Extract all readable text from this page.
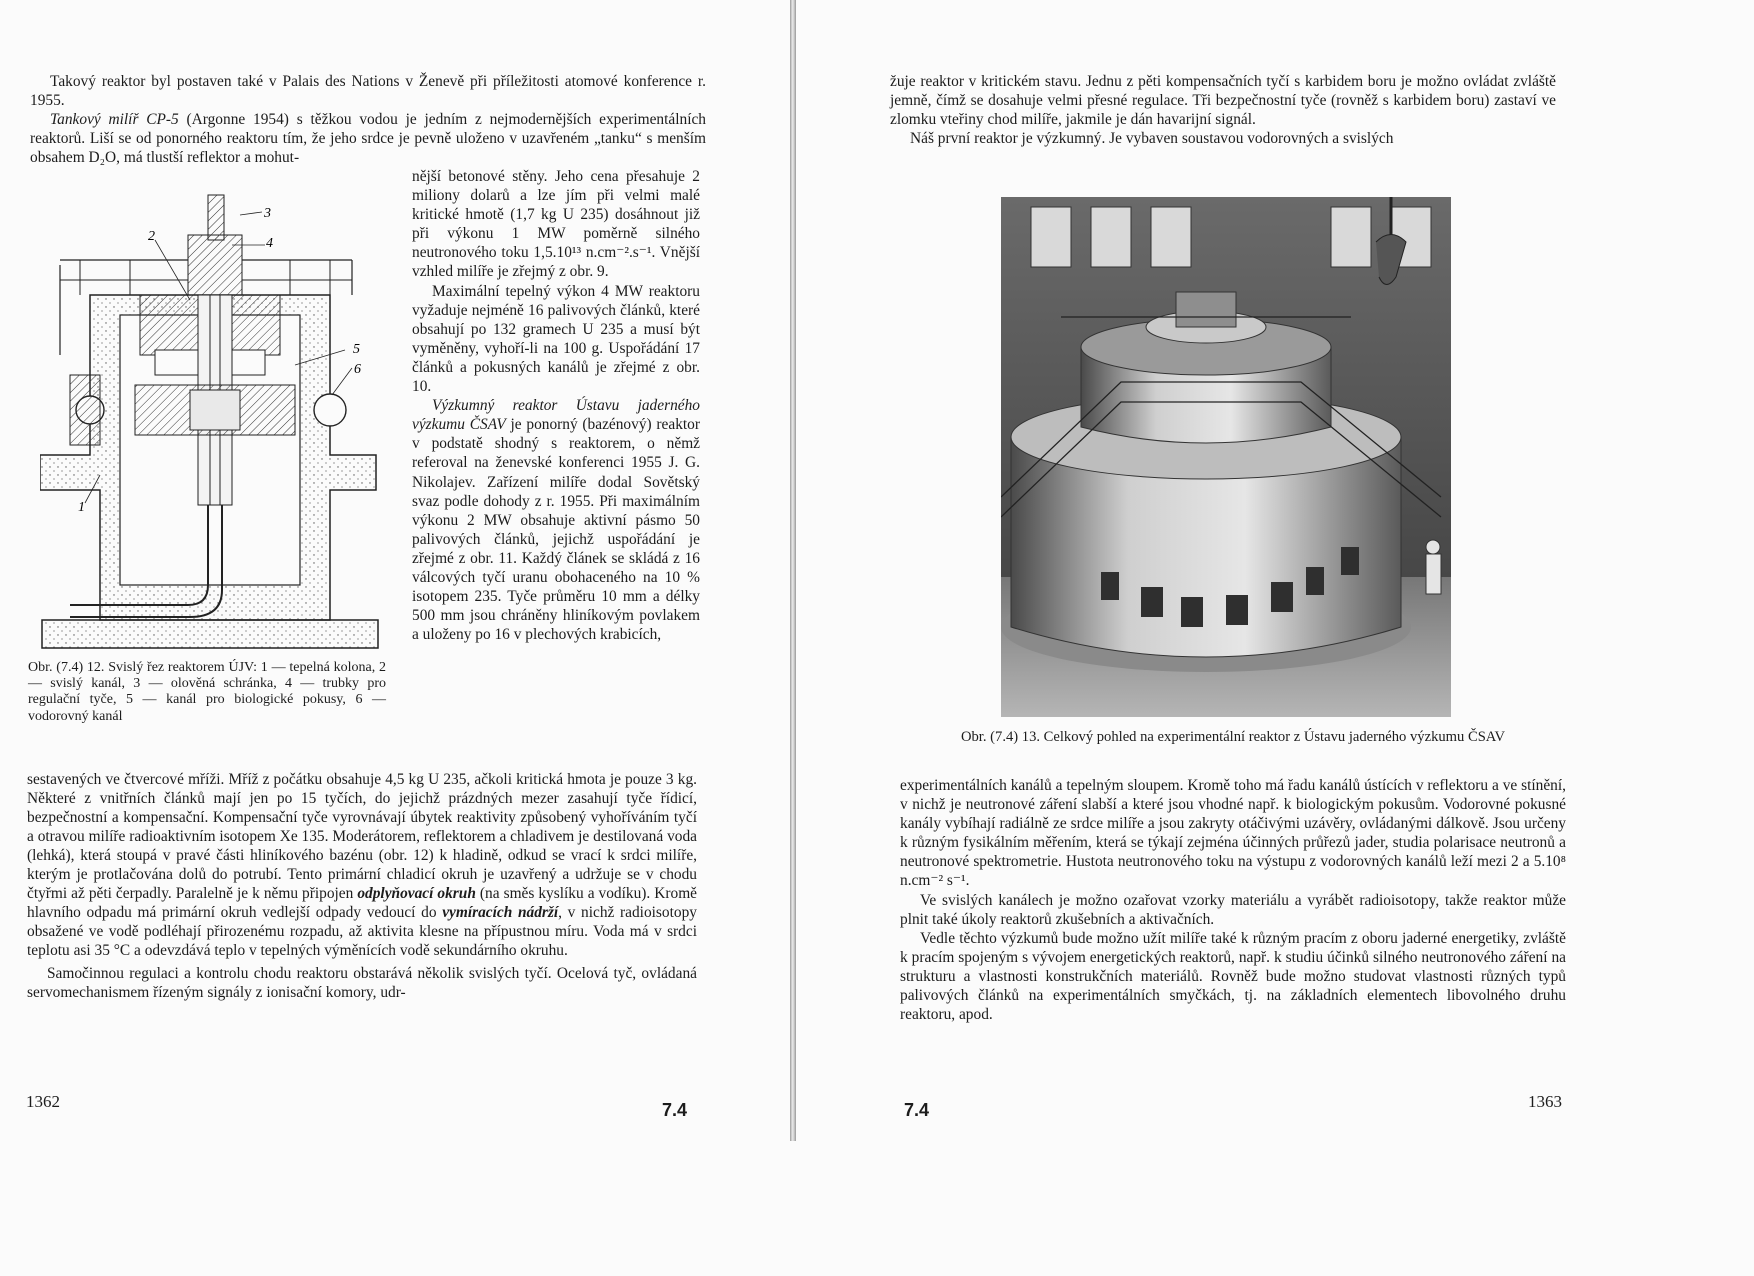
Takový reaktor byl postaven také v Palais des Nations v Ženevě při příležitosti atomové konference r. 1955.

Tankový milíř CP-5 (Argonne 1954) s těžkou vodou je jedním z nejmodernějších experimentálních reaktorů. Liší se od ponorného reaktoru tím, že jeho srdce je pevně uloženo v uzavřeném „tanku“ s menším obsahem D₂O, má tlustší reflektor a mohut-

3
2	4
5
6
1

nější betonové stěny. Jeho cena přesahuje 2 miliony dolarů a lze jím při velmi malé kritické hmotě (1,7 kg U 235) dosáhnout již při výkonu 1 MW poměrně silného neutronového toku 1,5.10¹³ n.cm⁻².s⁻¹. Vnější vzhled milíře je zřejmý z obr. 9.

Maximální tepelný výkon 4 MW reaktoru vyžaduje nejméně 16 palivových článků, které obsahují po 132 gramech U 235 a musí být vyměněny, vyhoří-li na 100 g. Uspořádání 17 článků a pokusných kanálů je zřejmé z obr. 10.

Výzkumný reaktor Ústavu jaderného výzkumu ČSAV je ponorný (bazénový) reaktor v podstatě shodný s reaktorem, o němž referoval na ženevské konferenci 1955 J. G. Nikolajev. Zařízení milíře dodal Sovětský svaz podle dohody z r. 1955. Při maximálním výkonu 2 MW obsahuje aktivní pásmo 50 palivových článků, jejichž uspořádání je zřejmé z obr. 11. Každý článek se skládá z 16 válcových tyčí uranu obohaceného na 10 % isotopem 235. Tyče průměru 10 mm a délky 500 mm jsou chráněny hliníkovým povlakem a uloženy po 16 v plechových krabicích,

Obr. (7.4) 12. Svislý řez reaktorem ÚJV: 1 — tepelná kolona, 2 — svislý kanál, 3 — olověná schránka, 4 — trubky pro regulační tyče, 5 — kanál pro biologické pokusy, 6 — vodorovný kanál

sestavených ve čtvercové mříži. Mříž z počátku obsahuje 4,5 kg U 235, ačkoli kritická hmota je pouze 3 kg. Některé z vnitřních článků mají jen po 15 tyčích, do jejichž prázdných mezer zasahují tyče řídicí, bezpečnostní a kompensační. Kompensační tyče vyrovnávají úbytek reaktivity způsobený vyhoříváním tyčí a otravou milíře radioaktivním isotopem Xe 135. Moderátorem, reflektorem a chladivem je destilovaná voda (lehká), která stoupá v pravé části hliníkového bazénu (obr. 12) k hladině, odkud se vrací k srdci milíře, kterým je protlačována dolů do potrubí. Tento primární chladicí okruh je uzavřený a udržuje se v chodu čtyřmi až pěti čerpadly. Paralelně je k němu připojen odplyňovací okruh (na směs kyslíku a vodíku). Kromě hlavního odpadu má primární okruh vedlejší odpady vedoucí do vymíracích nádrží, v nichž radioisotopy obsažené ve vodě podléhají přirozenému rozpadu, až aktivita klesne na přípustnou míru. Voda má v srdci teplotu asi 35 °C a odevzdává teplo v tepelných výměnících vodě sekundárního okruhu.

Samočinnou regulaci a kontrolu chodu reaktoru obstarává několik svislých tyčí. Ocelová tyč, ovládaná servomechanismem řízeným signály z ionisační komory, udr-

1362	7.4

žuje reaktor v kritickém stavu. Jednu z pěti kompensačních tyčí s karbidem boru je možno ovládat zvláště jemně, čímž se dosahuje velmi přesné regulace. Tři bezpečnostní tyče (rovněž s karbidem boru) zastaví ve zlomku vteřiny chod milíře, jakmile je dán havarijní signál.

Náš první reaktor je výzkumný. Je vybaven soustavou vodorovných a svislých

Obr. (7.4) 13. Celkový pohled na experimentální reaktor z Ústavu jaderného výzkumu ČSAV

experimentálních kanálů a tepelným sloupem. Kromě toho má řadu kanálů ústících v reflektoru a ve stínění, v nichž je neutronové záření slabší a které jsou vhodné např. k biologickým pokusům. Vodorovné pokusné kanály vybíhají radiálně ze srdce milíře a jsou zakryty otáčivými uzávěry, ovládanými dálkově. Jsou určeny k různým fysikálním měřením, která se týkají zejména účinných průřezů jader, studia polarisace neutronů a neutronové spektrometrie. Hustota neutronového toku na výstupu z vodorovných kanálů leží mezi 2 a 5.10⁸ n.cm⁻² s⁻¹.

Ve svislých kanálech je možno ozařovat vzorky materiálu a vyrábět radioisotopy, takže reaktor může plnit také úkoly reaktorů zkušebních a aktivačních.

Vedle těchto výzkumů bude možno užít milíře také k různým pracím z oboru jaderné energetiky, zvláště k pracím spojeným s vývojem energetických reaktorů, např. k studiu účinků silného neutronového záření na strukturu a vlastnosti konstrukčních materiálů. Rovněž bude možno studovat vlastnosti různých typů palivových článků na experimentálních smyčkách, tj. na základních elementech libovolného druhu reaktoru, apod.

7.4	1363
